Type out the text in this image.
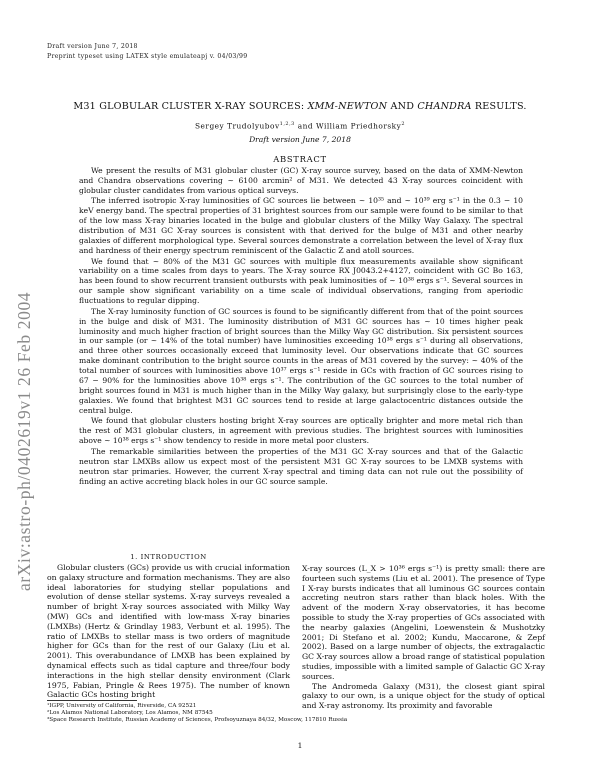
Draft version June 7, 2018
Preprint typeset using LATEX style emulateapj v. 04/03/99
arXiv:astro-ph/0402619v1 26 Feb 2004
M31 GLOBULAR CLUSTER X-RAY SOURCES: XMM-NEWTON AND CHANDRA RESULTS.
Sergey Trudolyubov$^{1,2,3}$ and William Priedhorsky$^2$
Draft version June 7, 2018
ABSTRACT

We present the results of M31 globular cluster (GC) X-ray source survey, based on the data of XMM-Newton and Chandra observations covering ~ 6100 arcmin² of M31. We detected 43 X-ray sources coincident with globular cluster candidates from various optical surveys.

The inferred isotropic X-ray luminosities of GC sources lie between ~ 10³⁵ and ~ 10³⁹ erg s⁻¹ in the 0.3 − 10 keV energy band. The spectral properties of 31 brightest sources from our sample were found to be similar to that of the low mass X-ray binaries located in the bulge and globular clusters of the Milky Way Galaxy. The spectral distribution of M31 GC X-ray sources is consistent with that derived for the bulge of M31 and other nearby galaxies of different morphological type. Several sources demonstrate a correlation between the level of X-ray flux and hardness of their energy spectrum reminiscent of the Galactic Z and atoll sources.

We found that ~ 80% of the M31 GC sources with multiple flux measurements available show significant variability on a time scales from days to years. The X-ray source RX J0043.2+4127, coincident with GC Bo 163, has been found to show recurrent transient outbursts with peak luminosities of ~ 10³⁸ ergs s⁻¹. Several sources in our sample show significant variability on a time scale of individual observations, ranging from aperiodic fluctuations to regular dipping.

The X-ray luminosity function of GC sources is found to be significantly different from that of the point sources in the bulge and disk of M31. The luminosity distribution of M31 GC sources has ~ 10 times higher peak luminosity and much higher fraction of bright sources than the Milky Way GC distribution. Six persistent sources in our sample (or ~ 14% of the total number) have luminosities exceeding 10³⁸ ergs s⁻¹ during all observations, and three other sources occasionally exceed that luminosity level. Our observations indicate that GC sources make dominant contribution to the bright source counts in the areas of M31 covered by the survey: ~ 40% of the total number of sources with luminosities above 10³⁷ ergs s⁻¹ reside in GCs with fraction of GC sources rising to 67 − 90% for the luminosities above 10³⁸ ergs s⁻¹. The contribution of the GC sources to the total number of bright sources found in M31 is much higher than in the Milky Way galaxy, but surprisingly close to the early-type galaxies. We found that brightest M31 GC sources tend to reside at large galactocentric distances outside the central bulge.

We found that globular clusters hosting bright X-ray sources are optically brighter and more metal rich than the rest of M31 globular clusters, in agreement with previous studies. The brightest sources with luminosities above ~ 10³⁸ ergs s⁻¹ show tendency to reside in more metal poor clusters.

The remarkable similarities between the properties of the M31 GC X-ray sources and that of the Galactic neutron star LMXBs allow us expect most of the persistent M31 GC X-ray sources to be LMXB systems with neutron star primaries. However, the current X-ray spectral and timing data can not rule out the possibility of finding an active accreting black holes in our GC source sample.

1. INTRODUCTION

Globular clusters (GCs) provide us with crucial information on galaxy structure and formation mechanisms. They are also ideal laboratories for studying stellar populations and evolution of dense stellar systems. X-ray surveys revealed a number of bright X-ray sources associated with Milky Way (MW) GCs and identified with low-mass X-ray binaries (LMXBs) (Hertz & Grindlay 1983, Verbunt et al. 1995). The ratio of LMXBs to stellar mass is two orders of magnitude higher for GCs than for the rest of our Galaxy (Liu et al. 2001). This overabundance of LMXB has been explained by dynamical effects such as tidal capture and three/four body interactions in the high stellar density environment (Clark 1975, Fabian, Pringle & Rees 1975). The number of known Galactic GCs hosting bright

X-ray sources (L_X > 10³⁶ ergs s⁻¹) is pretty small: there are fourteen such systems (Liu et al. 2001). The presence of Type I X-ray bursts indicates that all luminous GC sources contain accreting neutron stars rather than black holes. With the advent of the modern X-ray observatories, it has become possible to study the X-ray properties of GCs associated with the nearby galaxies (Angelini, Loewenstein & Mushotzky 2001; Di Stefano et al. 2002; Kundu, Maccarone, & Zepf 2002). Based on a large number of objects, the extragalactic GC X-ray sources allow a broad range of statistical population studies, impossible with a limited sample of Galactic GC X-ray sources.

The Andromeda Galaxy (M31), the closest giant spiral galaxy to our own, is a unique object for the study of optical and X-ray astronomy. Its proximity and favorable

¹IGPP, University of California, Riverside, CA 92521
²Los Alamos National Laboratory, Los Alamos, NM 87545
³Space Research Institute, Russian Academy of Sciences, Profsoyuznaya 84/32, Moscow, 117810 Russia
1
